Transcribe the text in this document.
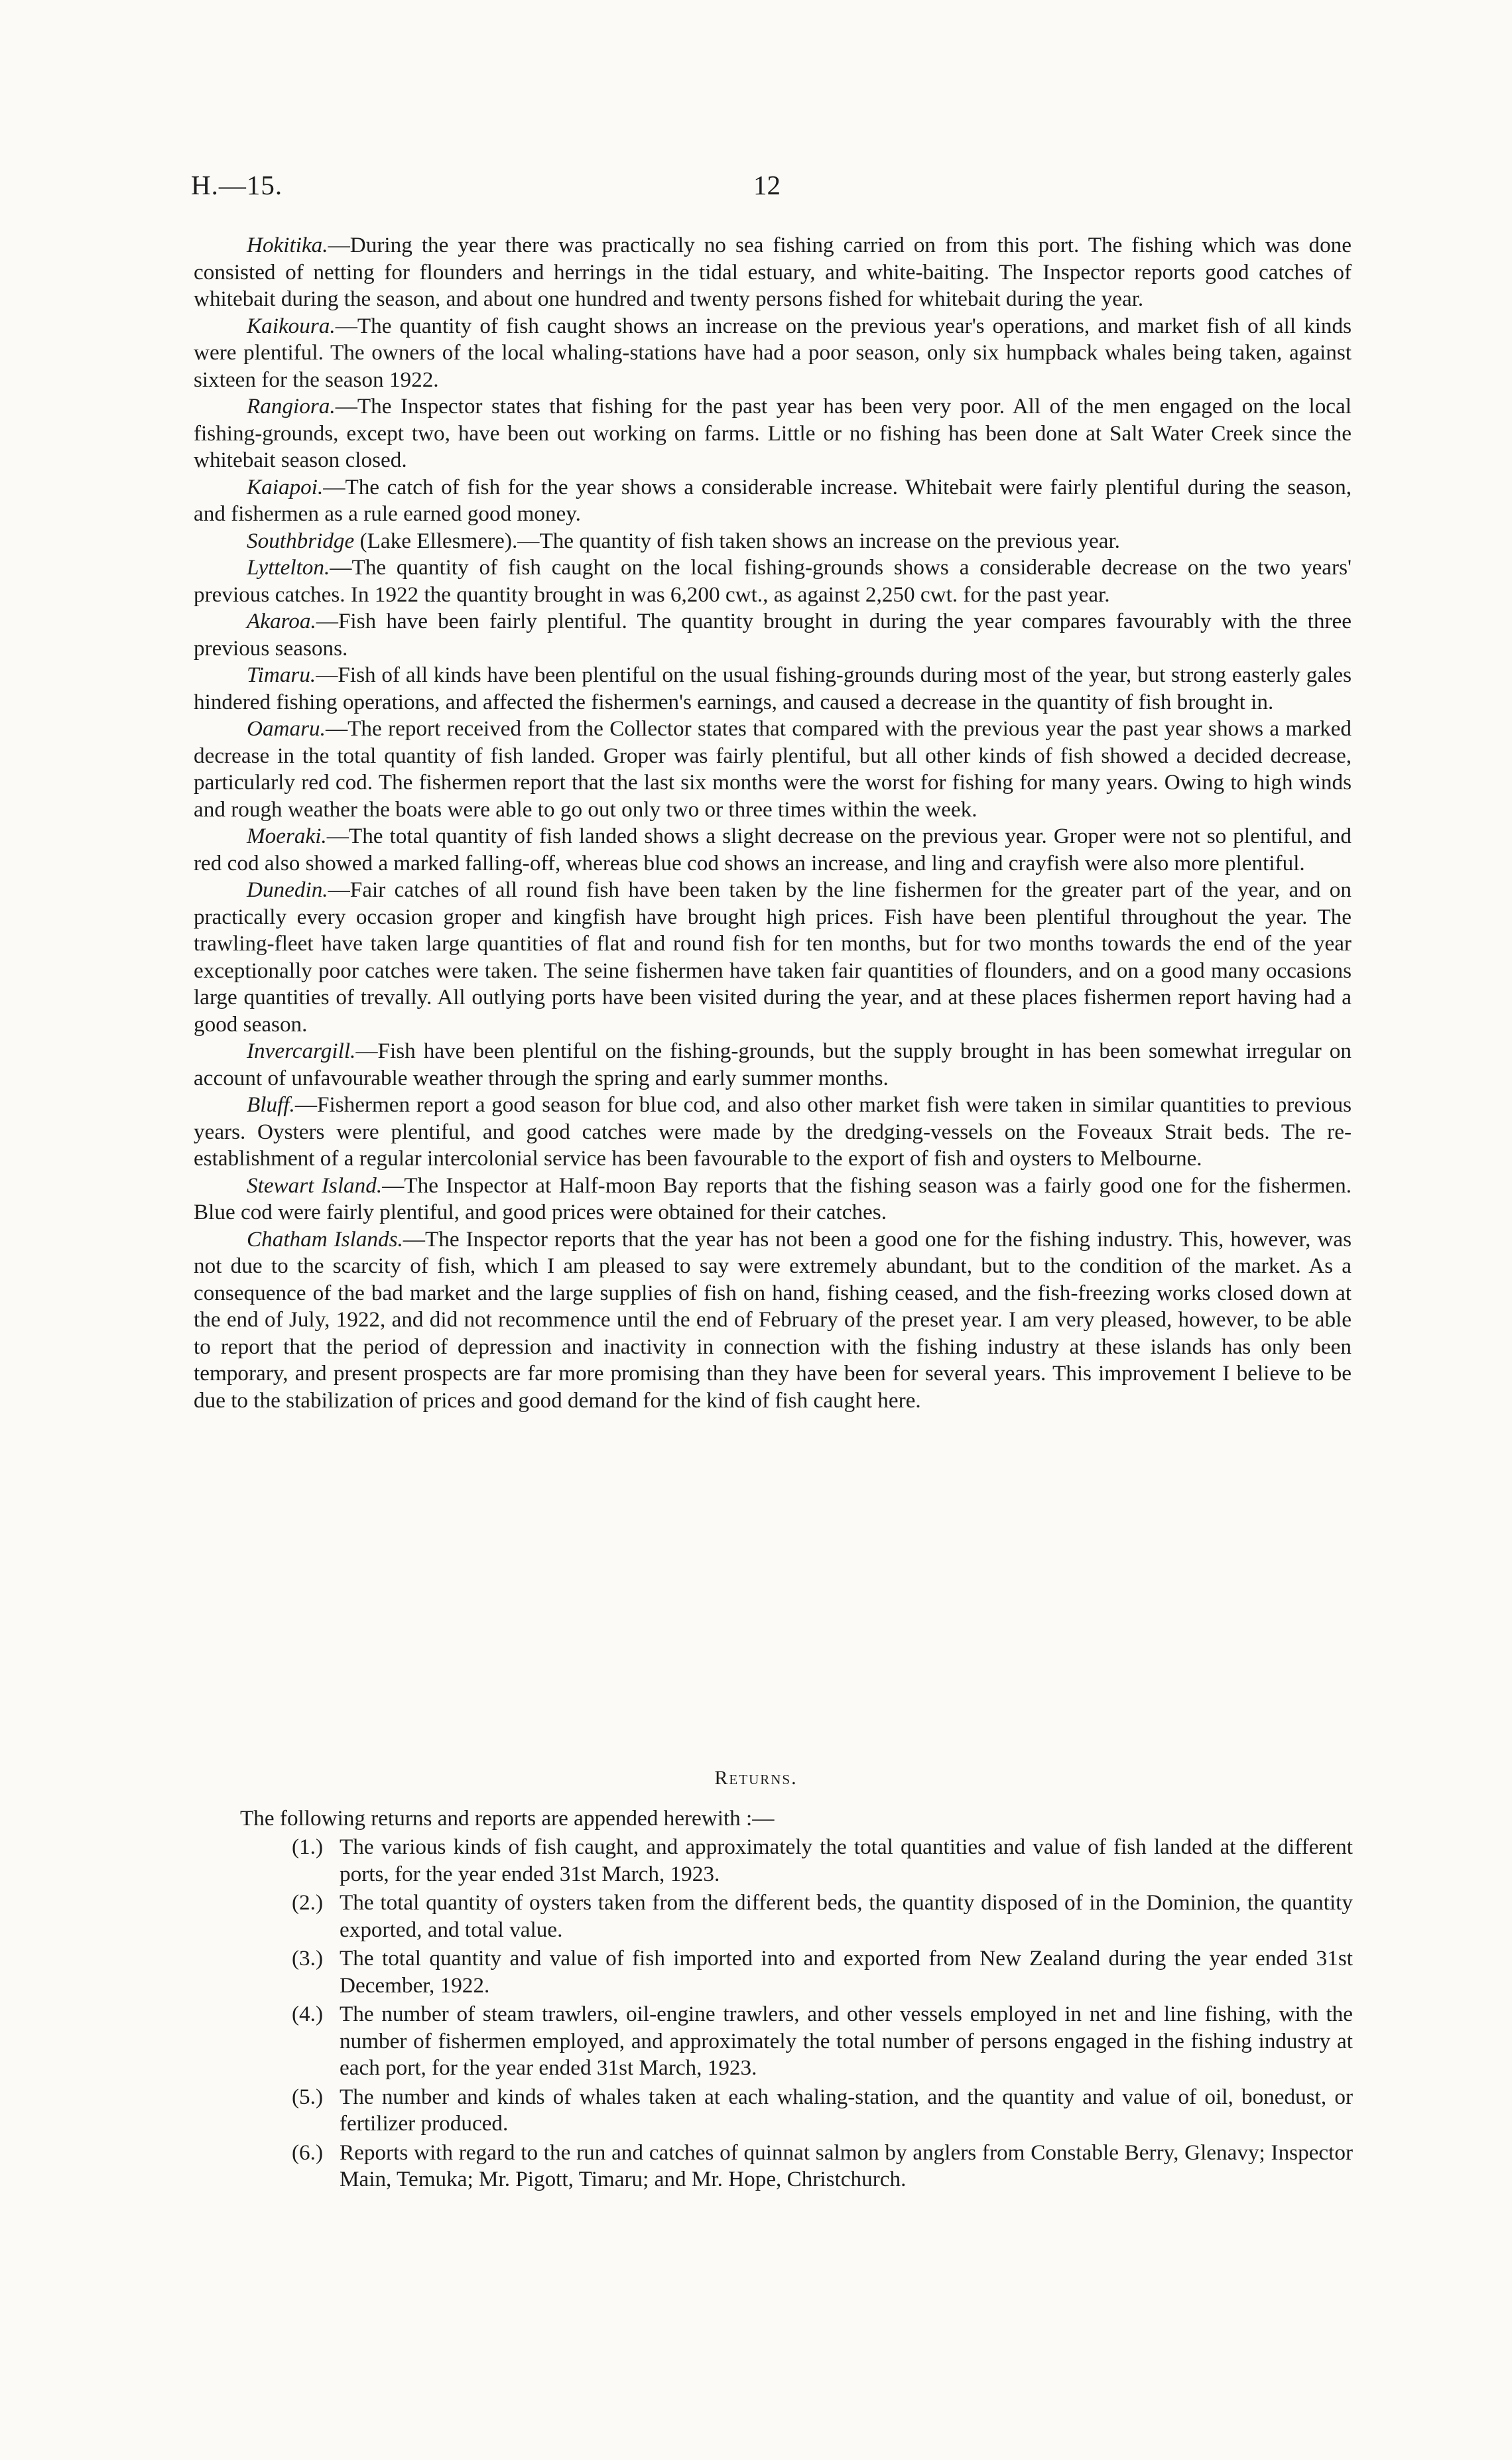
H.—15.	12

Hokitika.—During the year there was practically no sea fishing carried on from this port. The fishing which was done consisted of netting for flounders and herrings in the tidal estuary, and white-baiting. The Inspector reports good catches of whitebait during the season, and about one hundred and twenty persons fished for whitebait during the year.

Kaikoura.—The quantity of fish caught shows an increase on the previous year's operations, and market fish of all kinds were plentiful. The owners of the local whaling-stations have had a poor season, only six humpback whales being taken, against sixteen for the season 1922.

Rangiora.—The Inspector states that fishing for the past year has been very poor. All of the men engaged on the local fishing-grounds, except two, have been out working on farms. Little or no fishing has been done at Salt Water Creek since the whitebait season closed.

Kaiapoi.—The catch of fish for the year shows a considerable increase. Whitebait were fairly plentiful during the season, and fishermen as a rule earned good money.

Southbridge (Lake Ellesmere).—The quantity of fish taken shows an increase on the previous year.

Lyttelton.—The quantity of fish caught on the local fishing-grounds shows a considerable decrease on the two years' previous catches. In 1922 the quantity brought in was 6,200 cwt., as against 2,250 cwt. for the past year.

Akaroa.—Fish have been fairly plentiful. The quantity brought in during the year compares favourably with the three previous seasons.

Timaru.—Fish of all kinds have been plentiful on the usual fishing-grounds during most of the year, but strong easterly gales hindered fishing operations, and affected the fishermen's earnings, and caused a decrease in the quantity of fish brought in.

Oamaru.—The report received from the Collector states that compared with the previous year the past year shows a marked decrease in the total quantity of fish landed. Groper was fairly plentiful, but all other kinds of fish showed a decided decrease, particularly red cod. The fishermen report that the last six months were the worst for fishing for many years. Owing to high winds and rough weather the boats were able to go out only two or three times within the week.

Moeraki.—The total quantity of fish landed shows a slight decrease on the previous year. Groper were not so plentiful, and red cod also showed a marked falling-off, whereas blue cod shows an increase, and ling and crayfish were also more plentiful.

Dunedin.—Fair catches of all round fish have been taken by the line fishermen for the greater part of the year, and on practically every occasion groper and kingfish have brought high prices. Fish have been plentiful throughout the year. The trawling-fleet have taken large quantities of flat and round fish for ten months, but for two months towards the end of the year exceptionally poor catches were taken. The seine fishermen have taken fair quantities of flounders, and on a good many occasions large quantities of trevally. All outlying ports have been visited during the year, and at these places fishermen report having had a good season.

Invercargill.—Fish have been plentiful on the fishing-grounds, but the supply brought in has been somewhat irregular on account of unfavourable weather through the spring and early summer months.

Bluff.—Fishermen report a good season for blue cod, and also other market fish were taken in similar quantities to previous years. Oysters were plentiful, and good catches were made by the dredging-vessels on the Foveaux Strait beds. The re-establishment of a regular intercolonial service has been favourable to the export of fish and oysters to Melbourne.

Stewart Island.—The Inspector at Half-moon Bay reports that the fishing season was a fairly good one for the fishermen. Blue cod were fairly plentiful, and good prices were obtained for their catches.

Chatham Islands.—The Inspector reports that the year has not been a good one for the fishing industry. This, however, was not due to the scarcity of fish, which I am pleased to say were extremely abundant, but to the condition of the market. As a consequence of the bad market and the large supplies of fish on hand, fishing ceased, and the fish-freezing works closed down at the end of July, 1922, and did not recommence until the end of February of the preset year. I am very pleased, however, to be able to report that the period of depression and inactivity in connection with the fishing industry at these islands has only been temporary, and present prospects are far more promising than they have been for several years. This improvement I believe to be due to the stabilization of prices and good demand for the kind of fish caught here.

Returns.
The following returns and reports are appended herewith :—
(1.) The various kinds of fish caught, and approximately the total quantities and value of fish landed at the different ports, for the year ended 31st March, 1923.
(2.) The total quantity of oysters taken from the different beds, the quantity disposed of in the Dominion, the quantity exported, and total value.
(3.) The total quantity and value of fish imported into and exported from New Zealand during the year ended 31st December, 1922.
(4.) The number of steam trawlers, oil-engine trawlers, and other vessels employed in net and line fishing, with the number of fishermen employed, and approximately the total number of persons engaged in the fishing industry at each port, for the year ended 31st March, 1923.
(5.) The number and kinds of whales taken at each whaling-station, and the quantity and value of oil, bonedust, or fertilizer produced.
(6.) Reports with regard to the run and catches of quinnat salmon by anglers from Constable Berry, Glenavy; Inspector Main, Temuka; Mr. Pigott, Timaru; and Mr. Hope, Christchurch.
